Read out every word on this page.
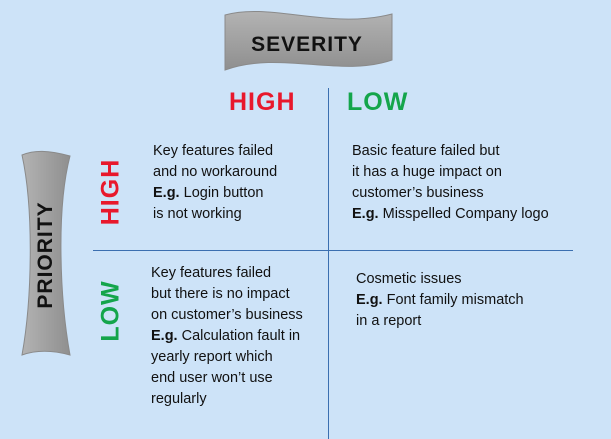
SEVERITY
PRIORITY
HIGH LOW
HIGH
LOW
Key features failed
and no workaround
E.g. Login button
is not working
Basic feature failed but
it has a huge impact on
customer’s business
E.g. Misspelled Company logo
Key features failed
but there is no impact
on customer’s business
E.g. Calculation fault in
yearly report which
end user won’t use
regularly
Cosmetic issues
E.g. Font family mismatch
in a report
